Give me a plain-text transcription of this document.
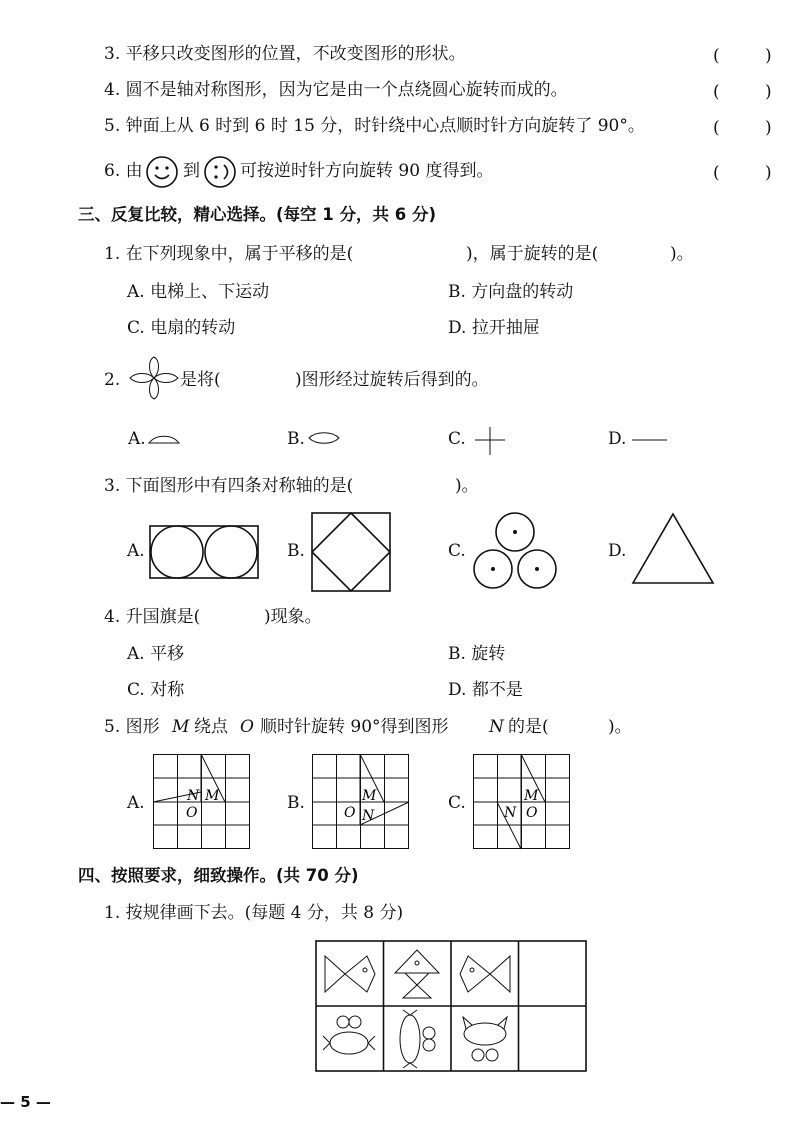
3. 平移只改变图形的位置，不改变图形的形状。	(	)
4. 圆不是轴对称图形，因为它是由一个点绕圆心旋转而成的。	(	)
5. 钟面上从 6 时到 6 时 15 分，时针绕中心点顺时针方向旋转了 90°。	(	)
6. 由 到 可按逆时针方向旋转 90 度得到。	(	)
三、反复比较，精心选择。(每空 1 分，共 6 分)
1. 在下列现象中，属于平移的是(	)，属于旋转的是(	)。
A. 电梯上、下运动	B. 方向盘的转动
C. 电扇的转动	D. 拉开抽屉
2.	是将(	)图形经过旋转后得到的。
A.	B.	C.	D.
3. 下面图形中有四条对称轴的是(	)。
A.	B.	C.	D.
4. 升国旗是(	)现象。
A. 平移	B. 旋转
C. 对称	D. 都不是
5. 图形 M 绕点 O 顺时针旋转 90°得到图形 N 的是(	)。
A.	M
N
O	B.	M
N
O	C.	M
N O
四、按照要求，细致操作。(共 70 分)
1. 按规律画下去。(每题 4 分，共 8 分)
— 5 —
